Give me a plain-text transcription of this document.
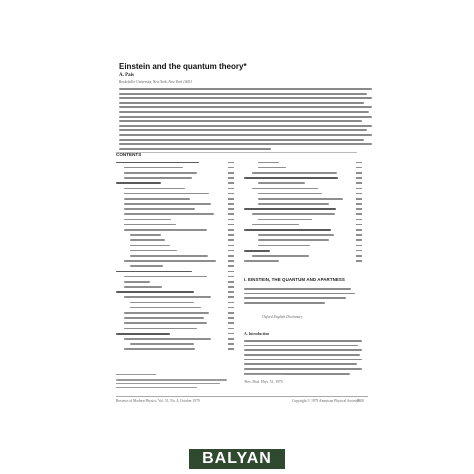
Einstein and the quantum theory*
A. Pais
Rockefeller University, New York, New York 10021
CONTENTS
I. EINSTEIN, THE QUANTUM AND APARTNESS
Oxford English Dictionary
A. Introduction
¹Rev. Mod. Phys. 51, 1979.
Reviews of Modern Physics, Vol. 51, No. 4, October 1979	Copyright © 1979 American Physical Society 863
BALYAN
